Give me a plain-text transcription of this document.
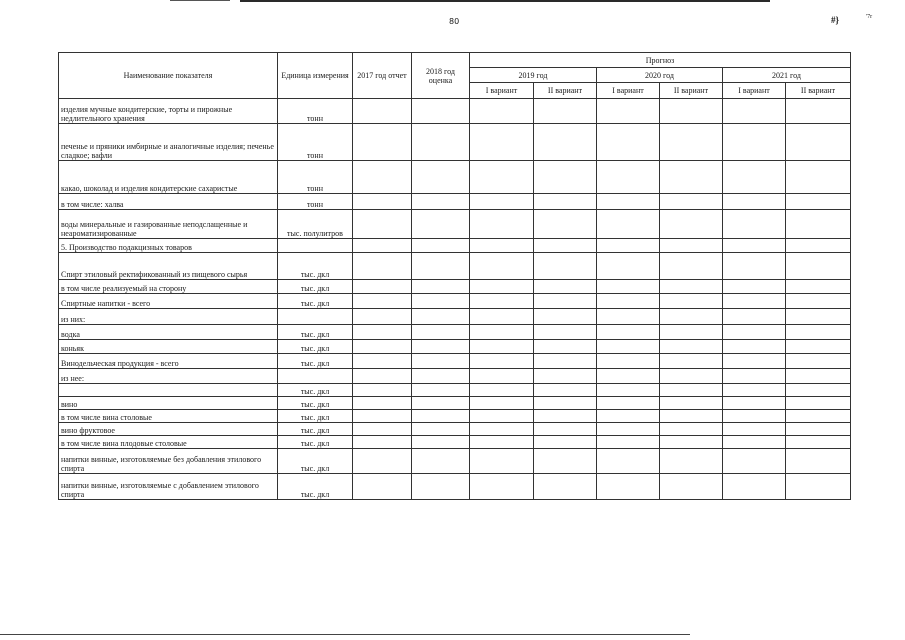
80	#}	'7r
Наименование показателя	Единица измерения	2017 год отчет	2018 год оценка	Прогноз					
				2019 год		2020 год		2021 год	
				I вариант	II вариант	I вариант	II вариант	I вариант	II вариант
изделия мучные кондитерские, торты и пирожные недлительного хранения	тонн								
печенье и пряники имбирные и аналогичные изделия; печенье сладкое; вафли	тонн								
какао, шоколад и изделия кондитерские сахаристые	тонн								
в том числе: халва	тонн								
воды минеральные и газированные неподслащенные и неароматизированные	тыс. полулитров								
5. Производство подакцизных товаров									
Спирт этиловый ректификованный из пищевого сырья	тыс. дкл								
в том числе реализуемый на сторону	тыс. дкл								
Спиртные напитки - всего	тыс. дкл								
из них:									
водка	тыс. дкл								
коньяк	тыс. дкл								
Винодельческая продукция - всего	тыс. дкл								
из нее:									
	тыс. дкл								
вино	тыс. дкл								
в том числе вина столовые	тыс. дкл								
вино фруктовое	тыс. дкл								
в том числе вина плодовые столовые	тыс. дкл								
напитки винные, изготовляемые без добавления этилового спирта	тыс. дкл								
напитки винные, изготовляемые с добавлением этилового спирта	тыс. дкл								
